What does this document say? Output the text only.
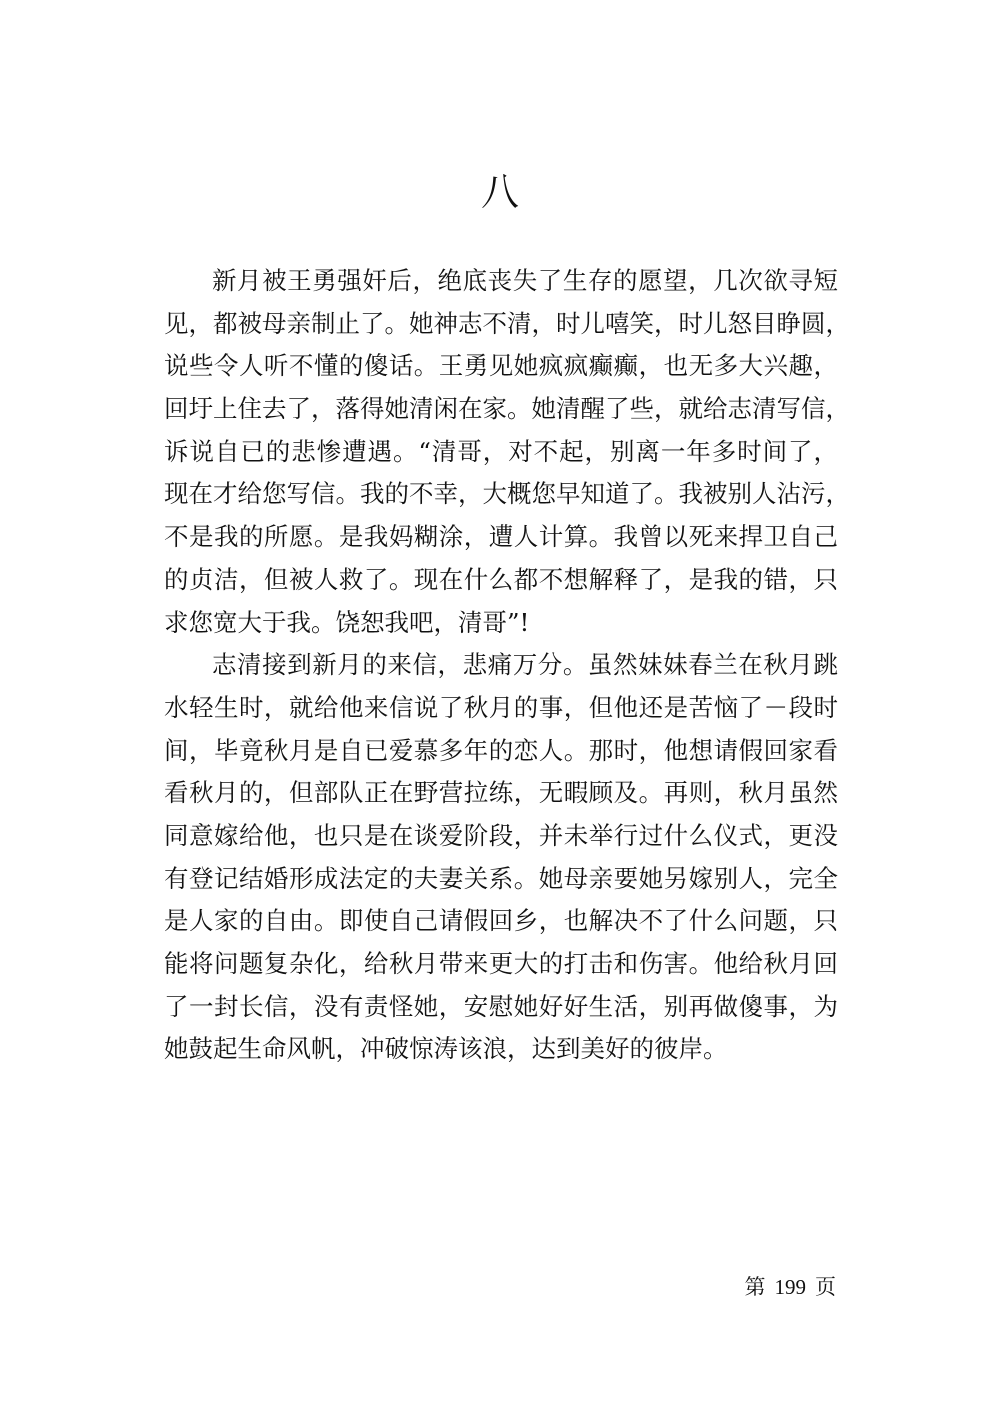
八
新月被王勇强奸后，绝底丧失了生存的愿望，几次欲寻短
见，都被母亲制止了。她神志不清，时儿嘻笑，时儿怒目睁圆，
说些令人听不懂的傻话。王勇见她疯疯癫癫，也无多大兴趣，
回圩上住去了，落得她清闲在家。她清醒了些，就给志清写信，
诉说自已的悲惨遭遇。“清哥，对不起，别离一年多时间了，
现在才给您写信。我的不幸，大概您早知道了。我被别人沾污，
不是我的所愿。是我妈糊涂，遭人计算。我曾以死来捍卫自己
的贞洁，但被人救了。现在什么都不想解释了，是我的错，只
求您宽大于我。饶恕我吧，清哥”!
志清接到新月的来信，悲痛万分。虽然妹妹春兰在秋月跳
水轻生时，就给他来信说了秋月的事，但他还是苦恼了－段时
间，毕竟秋月是自已爱慕多年的恋人。那时，他想请假回家看
看秋月的，但部队正在野营拉练，无暇顾及。再则，秋月虽然
同意嫁给他，也只是在谈爱阶段，并未举行过什么仪式，更没
有登记结婚形成法定的夫妻关系。她母亲要她另嫁别人，完全
是人家的自由。即使自己请假回乡，也解决不了什么问题，只
能将问题复杂化，给秋月带来更大的打击和伤害。他给秋月回
了一封长信，没有责怪她，安慰她好好生活，别再做傻事，为
她鼓起生命风帆，冲破惊涛该浪，达到美好的彼岸。
第 199 页
